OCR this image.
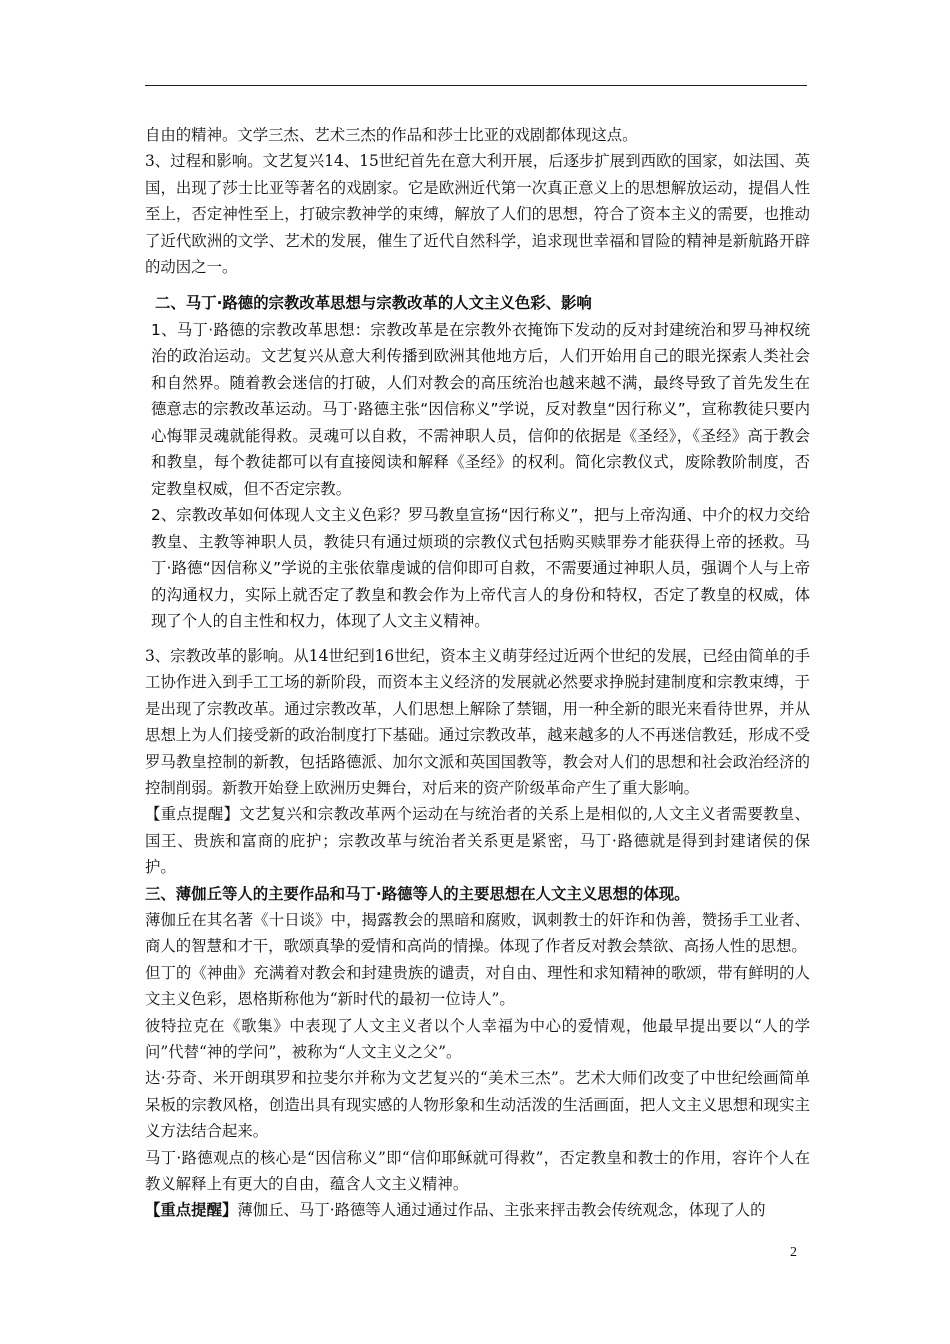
自由的精神。文学三杰、艺术三杰的作品和莎士比亚的戏剧都体现这点。

3、过程和影响。文艺复兴14、15世纪首先在意大利开展，后逐步扩展到西欧的国家，如法国、英国，出现了莎士比亚等著名的戏剧家。它是欧洲近代第一次真正意义上的思想解放运动，提倡人性至上，否定神性至上，打破宗教神学的束缚，解放了人们的思想，符合了资本主义的需要，也推动了近代欧洲的文学、艺术的发展，催生了近代自然科学，追求现世幸福和冒险的精神是新航路开辟的动因之一。

二、马丁·路德的宗教改革思想与宗教改革的人文主义色彩、影响

1、马丁·路德的宗教改革思想：宗教改革是在宗教外衣掩饰下发动的反对封建统治和罗马神权统治的政治运动。文艺复兴从意大利传播到欧洲其他地方后，人们开始用自己的眼光探索人类社会和自然界。随着教会迷信的打破，人们对教会的高压统治也越来越不满，最终导致了首先发生在德意志的宗教改革运动。马丁·路德主张“因信称义”学说，反对教皇“因行称义”，宣称教徒只要内心悔罪灵魂就能得救。灵魂可以自救，不需神职人员，信仰的依据是《圣经》，《圣经》高于教会和教皇，每个教徒都可以有直接阅读和解释《圣经》的权利。简化宗教仪式，废除教阶制度，否定教皇权威，但不否定宗教。

2、宗教改革如何体现人文主义色彩？罗马教皇宣扬“因行称义”，把与上帝沟通、中介的权力交给教皇、主教等神职人员，教徒只有通过烦琐的宗教仪式包括购买赎罪券才能获得上帝的拯救。马丁·路德“因信称义”学说的主张依靠虔诚的信仰即可自救，不需要通过神职人员，强调个人与上帝的沟通权力，实际上就否定了教皇和教会作为上帝代言人的身份和特权，否定了教皇的权威，体现了个人的自主性和权力，体现了人文主义精神。

3、宗教改革的影响。从14世纪到16世纪，资本主义萌芽经过近两个世纪的发展，已经由简单的手工协作进入到手工工场的新阶段，而资本主义经济的发展就必然要求挣脱封建制度和宗教束缚，于是出现了宗教改革。通过宗教改革，人们思想上解除了禁锢，用一种全新的眼光来看待世界，并从思想上为人们接受新的政治制度打下基础。通过宗教改革，越来越多的人不再迷信教廷，形成不受罗马教皇控制的新教，包括路德派、加尔文派和英国国教等，教会对人们的思想和社会政治经济的控制削弱。新教开始登上欧洲历史舞台，对后来的资产阶级革命产生了重大影响。

【重点提醒】文艺复兴和宗教改革两个运动在与统治者的关系上是相似的,人文主义者需要教皇、国王、贵族和富商的庇护；宗教改革与统治者关系更是紧密，马丁·路德就是得到封建诸侯的保护。

三、薄伽丘等人的主要作品和马丁·路德等人的主要思想在人文主义思想的体现。

薄伽丘在其名著《十日谈》中，揭露教会的黑暗和腐败，讽刺教士的奸诈和伪善，赞扬手工业者、商人的智慧和才干，歌颂真挚的爱情和高尚的情操。体现了作者反对教会禁欲、高扬人性的思想。

但丁的《神曲》充满着对教会和封建贵族的谴责，对自由、理性和求知精神的歌颂，带有鲜明的人文主义色彩，恩格斯称他为“新时代的最初一位诗人”。

彼特拉克在《歌集》中表现了人文主义者以个人幸福为中心的爱情观，他最早提出要以“人的学问”代替“神的学问”，被称为“人文主义之父”。

达·芬奇、米开朗琪罗和拉斐尔并称为文艺复兴的“美术三杰”。艺术大师们改变了中世纪绘画简单呆板的宗教风格，创造出具有现实感的人物形象和生动活泼的生活画面，把人文主义思想和现实主义方法结合起来。

马丁·路德观点的核心是“因信称义”即“信仰耶稣就可得救”，否定教皇和教士的作用，容许个人在教义解释上有更大的自由，蕴含人文主义精神。

【重点提醒】薄伽丘、马丁·路德等人通过通过作品、主张来抨击教会传统观念，体现了人的

2
